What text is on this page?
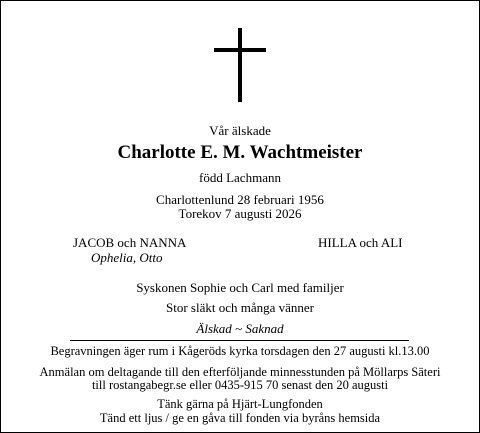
Vår älskade
Charlotte E. M. Wachtmeister
född Lachmann
Charlottenlund 28 februari 1956
Torekov 7 augusti 2026
JACOB och NANNA
Ophelia, Otto
HILLA och ALI
Syskonen Sophie och Carl med familjer
Stor släkt och många vänner
Älskad ~ Saknad
Begravningen äger rum i Kågeröds kyrka torsdagen den 27 augusti kl.13.00
Anmälan om deltagande till den efterföljande minnesstunden på Möllarps Säteri
till rostangabegr.se eller 0435-915 70 senast den 20 augusti
Tänk gärna på Hjärt-Lungfonden
Tänd ett ljus / ge en gåva till fonden via byråns hemsida
